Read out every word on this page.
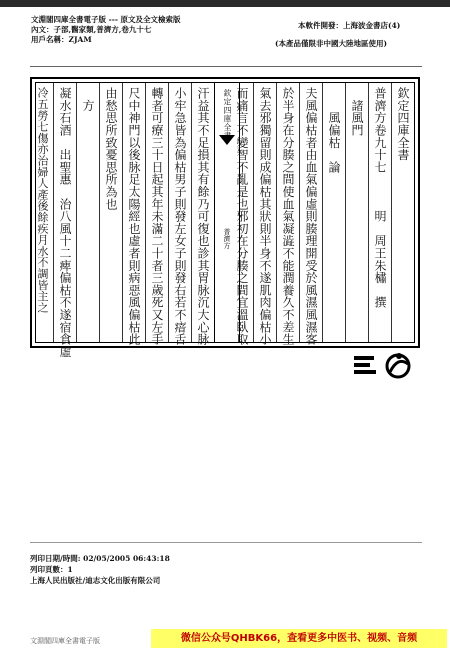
文淵閣四庫全書電子版 --- 原文及全文檢索版
內文：子部,醫家類,普濟方,卷九十七
用戶名稱：ZJAM
本軟件開發：上海波金書店(4)
(本產品僅限非中國大陸地區使用)
欽定四庫全書
普濟方卷九十七　　　明　周王朱橚　撰
　諸風門
　　風偏枯　論
夫風偏枯者由血氣偏虛則腠理開受於風濕風濕客
於半身在分腠之間使血氣凝澁不能潤養久不差生
氣去邪獨留則成偏枯其狀則半身不遂肌肉偏枯小
而痛言不變智不亂是也邪初在分腠之間宜溫臥取
欽定四庫全書
普濟方
汗益其不足損其有餘乃可復也診其胃脉沉大心脉
小牢急皆為偏枯男子則發左女子則發右若不瘖舌
轉者可療三十日起其年未滿二十者三歲死又左手
尺中神門以後脉足太陽經也虛者則病惡風偏枯此
由愁思所致憂思所為也
　方
凝水石酒　出聖惠　治八風十二痺偏枯不遂宿食虛
冷五勞七傷亦治婦人產後餘疾月水不調皆主之
列印日期/時間: 02/05/2005 06:43:18
列印頁數：1
上海人民出版社/迪志文化出版有限公司
文淵閣四庫全書電子版	微信公众号QHBK66，查看更多中医书、视频、音频
